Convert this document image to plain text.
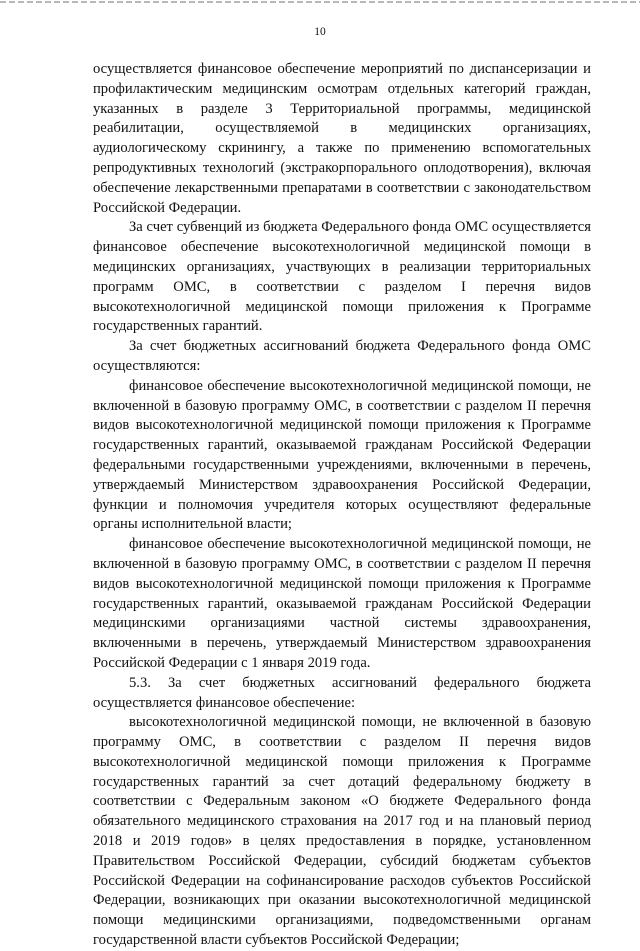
10

осуществляется финансовое обеспечение мероприятий по диспансеризации и профилактическим медицинским осмотрам отдельных категорий граждан, указанных в разделе 3 Территориальной программы, медицинской реабилитации, осуществляемой в медицинских организациях, аудиологическому скринингу, а также по применению вспомогательных репродуктивных технологий (экстракорпорального оплодотворения), включая обеспечение лекарственными препаратами в соответствии с законодательством Российской Федерации.

За счет субвенций из бюджета Федерального фонда ОМС осуществляется финансовое обеспечение высокотехнологичной медицинской помощи в медицинских организациях, участвующих в реализации территориальных программ ОМС, в соответствии с разделом I перечня видов высокотехнологичной медицинской помощи приложения к Программе государственных гарантий.

За счет бюджетных ассигнований бюджета Федерального фонда ОМС осуществляются:

финансовое обеспечение высокотехнологичной медицинской помощи, не включенной в базовую программу ОМС, в соответствии с разделом II перечня видов высокотехнологичной медицинской помощи приложения к Программе государственных гарантий, оказываемой гражданам Российской Федерации федеральными государственными учреждениями, включенными в перечень, утверждаемый Министерством здравоохранения Российской Федерации, функции и полномочия учредителя которых осуществляют федеральные органы исполнительной власти;

финансовое обеспечение высокотехнологичной медицинской помощи, не включенной в базовую программу ОМС, в соответствии с разделом II перечня видов высокотехнологичной медицинской помощи приложения к Программе государственных гарантий, оказываемой гражданам Российской Федерации медицинскими организациями частной системы здравоохранения, включенными в перечень, утверждаемый Министерством здравоохранения Российской Федерации с 1 января 2019 года.

5.3. За счет бюджетных ассигнований федерального бюджета осуществляется финансовое обеспечение:

высокотехнологичной медицинской помощи, не включенной в базовую программу ОМС, в соответствии с разделом II перечня видов высокотехнологичной медицинской помощи приложения к Программе государственных гарантий за счет дотаций федеральному бюджету в соответствии с Федеральным законом «О бюджете Федерального фонда обязательного медицинского страхования на 2017 год и на плановый период 2018 и 2019 годов» в целях предоставления в порядке, установленном Правительством Российской Федерации, субсидий бюджетам субъектов Российской Федерации на софинансирование расходов субъектов Российской Федерации, возникающих при оказании высокотехнологичной медицинской помощи медицинскими организациями, подведомственными органам государственной власти субъектов Российской Федерации;
